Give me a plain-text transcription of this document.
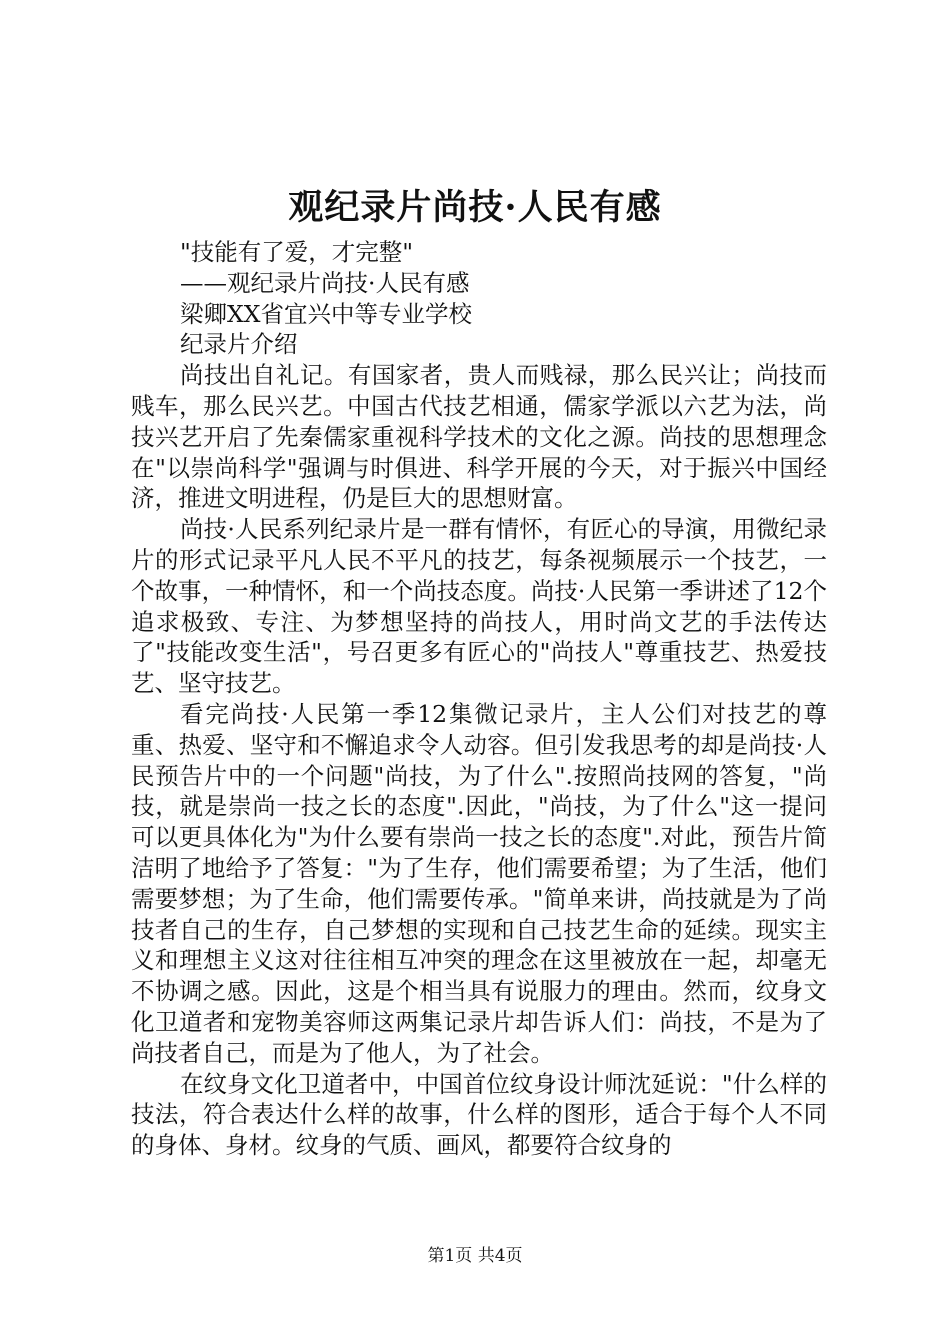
观纪录片尚技·人民有感

"技能有了爱，才完整"

——观纪录片尚技·人民有感

梁卿XX省宜兴中等专业学校

纪录片介绍

尚技出自礼记。有国家者，贵人而贱禄，那么民兴让；尚技而贱车，那么民兴艺。中国古代技艺相通，儒家学派以六艺为法，尚技兴艺开启了先秦儒家重视科学技术的文化之源。尚技的思想理念在"以崇尚科学"强调与时俱进、科学开展的今天，对于振兴中国经济，推进文明进程，仍是巨大的思想财富。

尚技·人民系列纪录片是一群有情怀，有匠心的导演，用微纪录片的形式记录平凡人民不平凡的技艺，每条视频展示一个技艺，一个故事，一种情怀，和一个尚技态度。尚技·人民第一季讲述了12个追求极致、专注、为梦想坚持的尚技人，用时尚文艺的手法传达了"技能改变生活"，号召更多有匠心的"尚技人"尊重技艺、热爱技艺、坚守技艺。

看完尚技·人民第一季12集微记录片，主人公们对技艺的尊重、热爱、坚守和不懈追求令人动容。但引发我思考的却是尚技·人民预告片中的一个问题"尚技，为了什么".按照尚技网的答复，"尚技，就是崇尚一技之长的态度".因此，"尚技，为了什么"这一提问可以更具体化为"为什么要有崇尚一技之长的态度".对此，预告片简洁明了地给予了答复："为了生存，他们需要希望；为了生活，他们需要梦想；为了生命，他们需要传承。"简单来讲，尚技就是为了尚技者自己的生存，自己梦想的实现和自己技艺生命的延续。现实主义和理想主义这对往往相互冲突的理念在这里被放在一起，却毫无不协调之感。因此，这是个相当具有说服力的理由。然而，纹身文化卫道者和宠物美容师这两集记录片却告诉人们：尚技，不是为了尚技者自己，而是为了他人，为了社会。

在纹身文化卫道者中，中国首位纹身设计师沈延说："什么样的技法，符合表达什么样的故事，什么样的图形，适合于每个人不同的身体、身材。纹身的气质、画风，都要符合纹身的

第1页 共4页
